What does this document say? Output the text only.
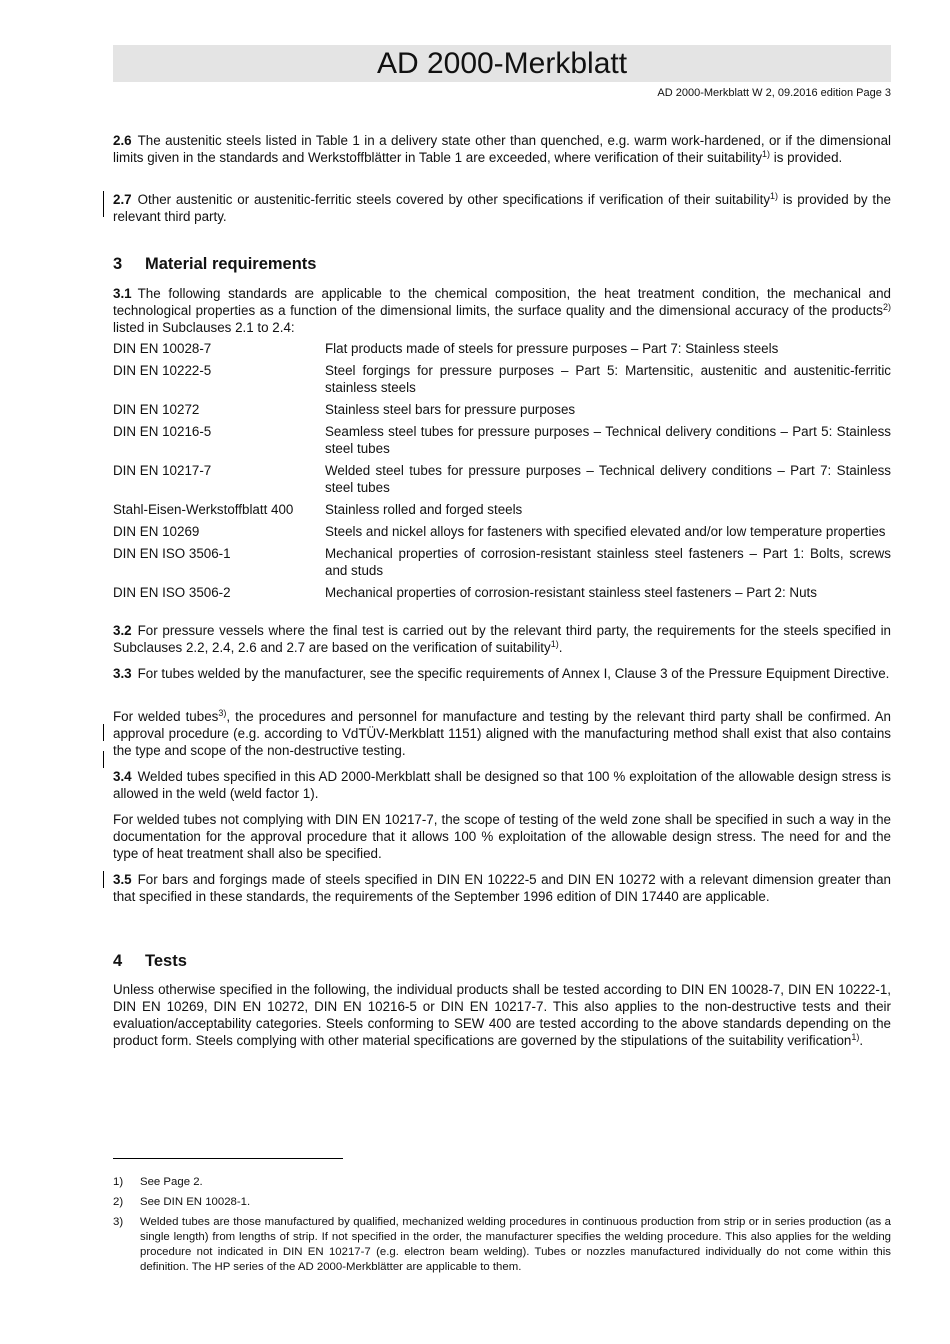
AD 2000-Merkblatt
AD 2000-Merkblatt W 2, 09.2016 edition Page 3

2.6 The austenitic steels listed in Table 1 in a delivery state other than quenched, e.g. warm work-hardened, or if the dimensional limits given in the standards and Werkstoffblätter in Table 1 are exceeded, where verification of their suitability$^{1)}$ is provided.

2.7 Other austenitic or austenitic-ferritic steels covered by other specifications if verification of their suitability$^{1)}$ is provided by the relevant third party.

3 Material requirements

3.1 The following standards are applicable to the chemical composition, the heat treatment condition, the mechanical and technological properties as a function of the dimensional limits, the surface quality and the dimensional accuracy of the products$^{2)}$ listed in Subclauses 2.1 to 2.4:

DIN EN 10028-7	Flat products made of steels for pressure purposes – Part 7: Stainless steels
DIN EN 10222-5	Steel forgings for pressure purposes – Part 5: Martensitic, austenitic and austenitic-ferritic stainless steels
DIN EN 10272	Stainless steel bars for pressure purposes
DIN EN 10216-5	Seamless steel tubes for pressure purposes – Technical delivery conditions – Part 5: Stainless steel tubes
DIN EN 10217-7	Welded steel tubes for pressure purposes – Technical delivery conditions – Part 7: Stainless steel tubes
Stahl-Eisen-Werkstoffblatt 400	Stainless rolled and forged steels
DIN EN 10269	Steels and nickel alloys for fasteners with specified elevated and/or low temperature properties
DIN EN ISO 3506-1	Mechanical properties of corrosion-resistant stainless steel fasteners – Part 1: Bolts, screws and studs
DIN EN ISO 3506-2	Mechanical properties of corrosion-resistant stainless steel fasteners – Part 2: Nuts

3.2 For pressure vessels where the final test is carried out by the relevant third party, the requirements for the steels specified in Subclauses 2.2, 2.4, 2.6 and 2.7 are based on the verification of suitability$^{1)}$.

3.3 For tubes welded by the manufacturer, see the specific requirements of Annex I, Clause 3 of the Pressure Equipment Directive.

For welded tubes$^{3)}$, the procedures and personnel for manufacture and testing by the relevant third party shall be confirmed. An approval procedure (e.g. according to VdTÜV-Merkblatt 1151) aligned with the manufacturing method shall exist that also contains the type and scope of the non-destructive testing.

3.4 Welded tubes specified in this AD 2000-Merkblatt shall be designed so that 100 % exploitation of the allowable design stress is allowed in the weld (weld factor 1).

For welded tubes not complying with DIN EN 10217-7, the scope of testing of the weld zone shall be specified in such a way in the documentation for the approval procedure that it allows 100 % exploitation of the allowable design stress. The need for and the type of heat treatment shall also be specified.

3.5 For bars and forgings made of steels specified in DIN EN 10222-5 and DIN EN 10272 with a relevant dimension greater than that specified in these standards, the requirements of the September 1996 edition of DIN 17440 are applicable.

4 Tests

Unless otherwise specified in the following, the individual products shall be tested according to DIN EN 10028-7, DIN EN 10222-1, DIN EN 10269, DIN EN 10272, DIN EN 10216-5 or DIN EN 10217-7. This also applies to the non-destructive tests and their evaluation/acceptability categories. Steels conforming to SEW 400 are tested according to the above standards depending on the product form. Steels complying with other material specifications are governed by the stipulations of the suitability verification$^{1)}$.

1)	See Page 2.
2)	See DIN EN 10028-1.
3)	Welded tubes are those manufactured by qualified, mechanized welding procedures in continuous production from strip or in series production (as a single length) from lengths of strip. If not specified in the order, the manufacturer specifies the welding procedure. This also applies for the welding procedure not indicated in DIN EN 10217-7 (e.g. electron beam welding). Tubes or nozzles manufactured individually do not come within this definition. The HP series of the AD 2000-Merkblätter are applicable to them.
